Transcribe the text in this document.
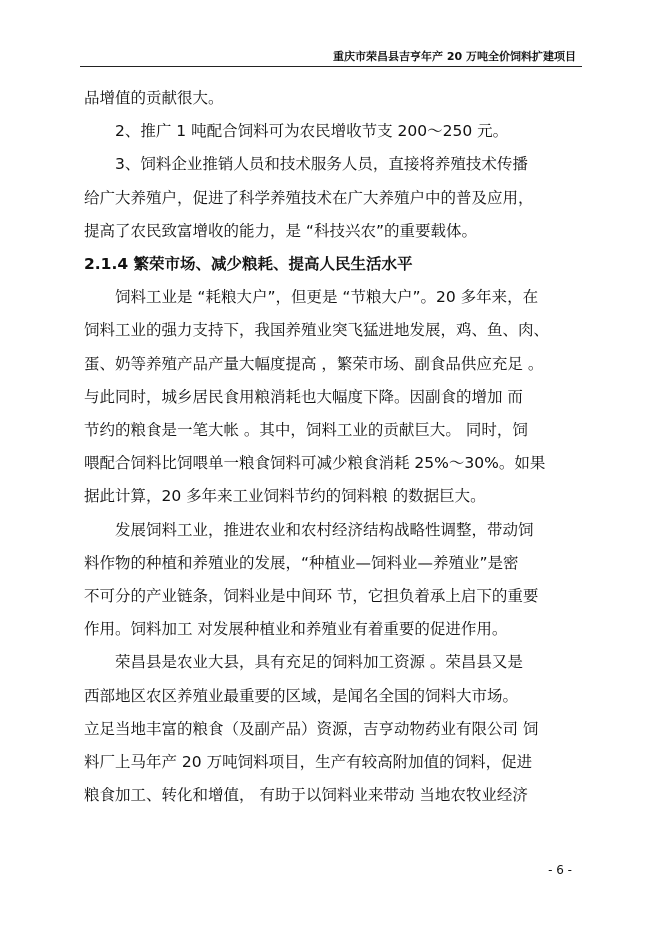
重庆市荣昌县吉亨年产 20 万吨全价饲料扩建项目
品增值的贡献很大。
2、推广 1 吨配合饲料可为农民增收节支 200～250 元。
3、饲料企业推销人员和技术服务人员，直接将养殖技术传播
给广大养殖户，促进了科学养殖技术在广大养殖户中的普及应用，
提高了农民致富增收的能力，是 “科技兴农”的重要载体。
2.1.4 繁荣市场、减少粮耗、提高人民生活水平
饲料工业是 “耗粮大户”，但更是 “节粮大户”。20 多年来，在
饲料工业的强力支持下，我国养殖业突飞猛进地发展，鸡、鱼、肉、
蛋、奶等养殖产品产量大幅度提高 ，繁荣市场、副食品供应充足 。
与此同时，城乡居民食用粮消耗也大幅度下降。因副食的增加 而
节约的粮食是一笔大帐 。其中，饲料工业的贡献巨大。 同时，饲
喂配合饲料比饲喂单一粮食饲料可减少粮食消耗 25%～30%。如果
据此计算，20 多年来工业饲料节约的饲料粮 的数据巨大。
发展饲料工业，推进农业和农村经济结构战略性调整，带动饲
料作物的种植和养殖业的发展，“种植业—饲料业—养殖业”是密
不可分的产业链条，饲料业是中间环 节，它担负着承上启下的重要
作用。饲料加工 对发展种植业和养殖业有着重要的促进作用。
荣昌县是农业大县，具有充足的饲料加工资源 。荣昌县又是
西部地区农区养殖业最重要的区域，是闻名全国的饲料大市场。
立足当地丰富的粮食（及副产品）资源，吉亨动物药业有限公司 饲
料厂上马年产 20 万吨饲料项目，生产有较高附加值的饲料，促进
粮食加工、转化和增值， 有助于以饲料业来带动 当地农牧业经济
- 6 -
